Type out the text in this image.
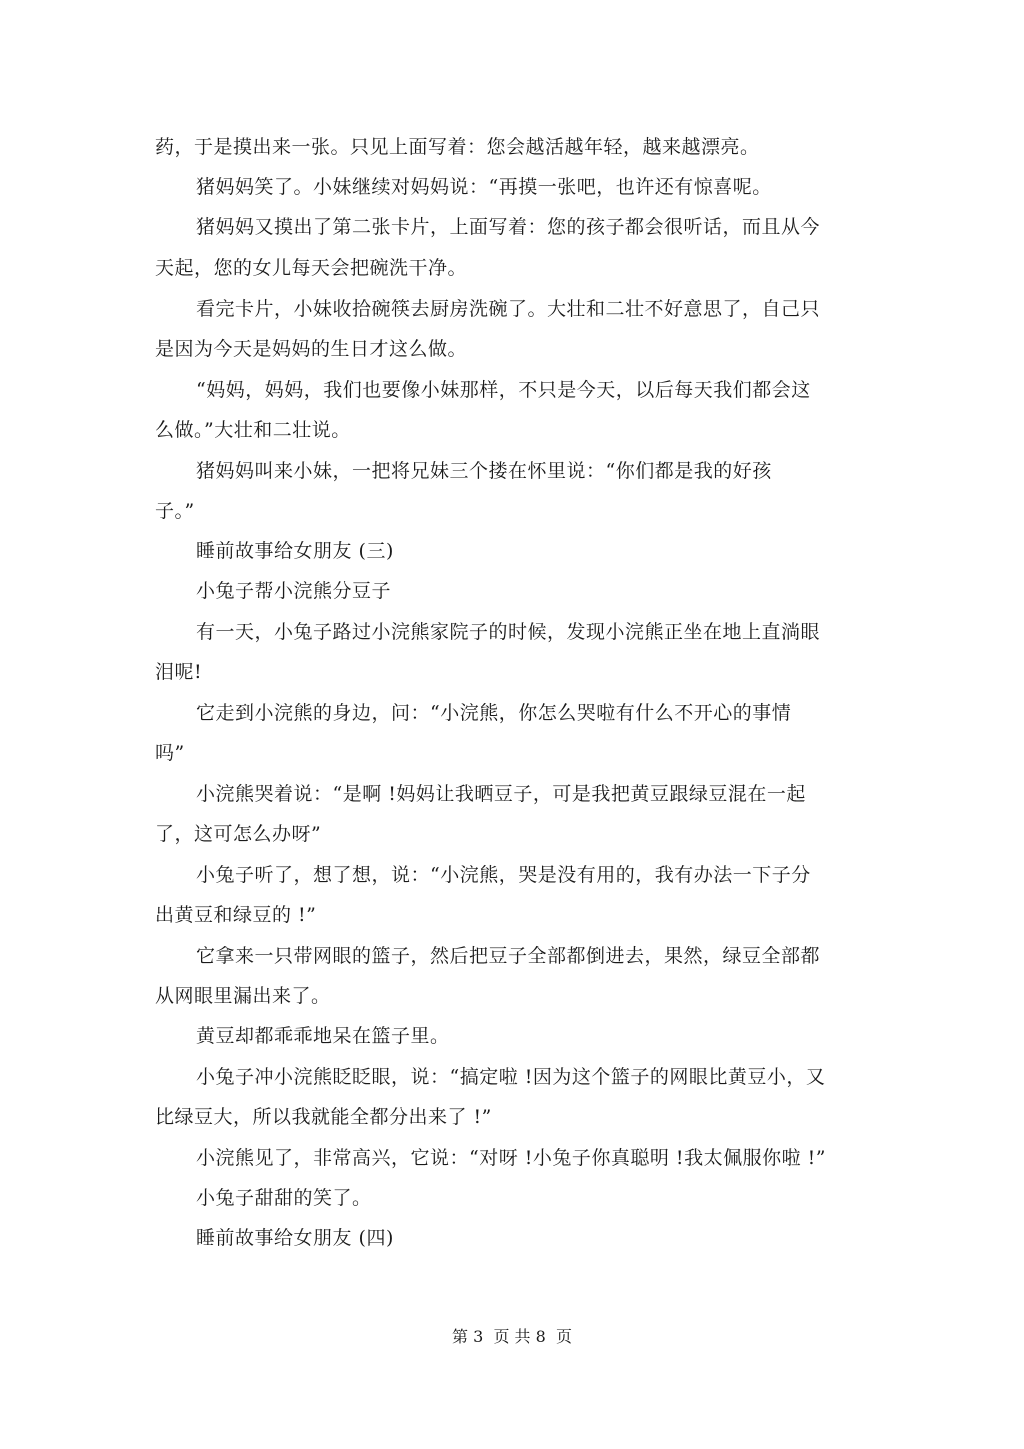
药，于是摸出来一张。只见上面写着：您会越活越年轻，越来越漂亮。
猪妈妈笑了。小妹继续对妈妈说：“再摸一张吧，也许还有惊喜呢。
猪妈妈又摸出了第二张卡片，上面写着：您的孩子都会很听话，而且从今
天起，您的女儿每天会把碗洗干净。
看完卡片，小妹收拾碗筷去厨房洗碗了。大壮和二壮不好意思了，自己只
是因为今天是妈妈的生日才这么做。
“妈妈，妈妈，我们也要像小妹那样，不只是今天，以后每天我们都会这
么做。”大壮和二壮说。
猪妈妈叫来小妹，一把将兄妹三个搂在怀里说：“你们都是我的好孩
子。”
睡前故事给女朋友 (三)
小兔子帮小浣熊分豆子
有一天，小兔子路过小浣熊家院子的时候，发现小浣熊正坐在地上直淌眼
泪呢!
它走到小浣熊的身边，问：“小浣熊，你怎么哭啦有什么不开心的事情
吗”
小浣熊哭着说：“是啊 !妈妈让我晒豆子，可是我把黄豆跟绿豆混在一起
了，这可怎么办呀”
小兔子听了，想了想，说：“小浣熊，哭是没有用的，我有办法一下子分
出黄豆和绿豆的 !”
它拿来一只带网眼的篮子，然后把豆子全部都倒进去，果然，绿豆全部都
从网眼里漏出来了。
黄豆却都乖乖地呆在篮子里。
小兔子冲小浣熊眨眨眼，说：“搞定啦 !因为这个篮子的网眼比黄豆小，又
比绿豆大，所以我就能全都分出来了 !”
小浣熊见了，非常高兴，它说：“对呀 !小兔子你真聪明 !我太佩服你啦 !”
小兔子甜甜的笑了。
睡前故事给女朋友 (四)
第 3  页 共 8  页
